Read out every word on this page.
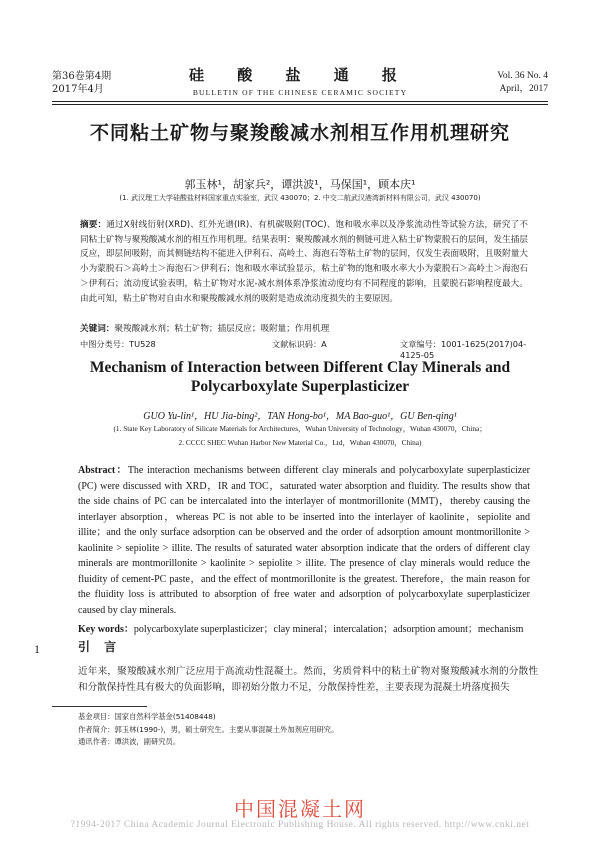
第36卷第4期
2017年4月
硅 酸 盐 通 报
BULLETIN OF THE CHINESE CERAMIC SOCIETY
Vol. 36 No. 4
April，2017
不同粘土矿物与聚羧酸减水剂相互作用机理研究
郭玉林¹，胡家兵²，谭洪波¹，马保国¹，顾本庆¹
(1. 武汉理工大学硅酸盐材料国家重点实验室，武汉 430070；2. 中交二航武汉港湾新材料有限公司，武汉 430070)
摘要：通过X射线衍射(XRD)、红外光谱(IR)、有机碳吸附(TOC)、饱和吸水率以及净浆流动性等试验方法，研究了不同粘土矿物与聚羧酸减水剂的相互作用机理。结果表明：聚羧酸减水剂的侧链可进入粘土矿物蒙脱石的层间，发生插层反应，即层间吸附，而其侧链结构不能进入伊利石、高岭土、海泡石等粘土矿物的层间，仅发生表面吸附，且吸附量大小为蒙脱石＞高岭土＞海泡石＞伊利石；饱和吸水率试验显示，粘土矿物的饱和吸水率大小为蒙脱石＞高岭土＞海泡石＞伊利石；流动度试验表明，粘土矿物对水泥-减水剂体系净浆流动度均有不同程度的影响，且蒙脱石影响程度最大。由此可知，粘土矿物对自由水和聚羧酸减水剂的吸附是造成流动度损失的主要原因。
关键词：聚羧酸减水剂；粘土矿物；插层反应；吸附量；作用机理
中图分类号：TU528	文献标识码：A	文章编号：1001-1625(2017)04-4125-05
Mechanism of Interaction between Different Clay Minerals and
Polycarboxylate Superplasticizer
GUO Yu-lin¹，HU Jia-bing²，TAN Hong-bo¹，MA Bao-guo¹，GU Ben-qing¹
(1. State Key Laboratory of Silicate Materials for Architectures，Wuhan University of Technology，Wuhan 430070，China；
2. CCCC SHEC Wuhan Harbor New Material Co.，Ltd，Wuhan 430070，China)
Abstract：The interaction mechanisms between different clay minerals and polycarboxylate superplasticizer (PC) were discussed with XRD，IR and TOC，saturated water absorption and fluidity. The results show that the side chains of PC can be intercalated into the interlayer of montmorillonite (MMT)，thereby causing the interlayer absorption，whereas PC is not able to be inserted into the interlayer of kaolinite，sepiolite and illite；and the only surface adsorption can be observed and the order of adsorption amount montmorillonite > kaolinite > sepiolite > illite. The results of saturated water absorption indicate that the orders of different clay minerals are montmorillonite > kaolinite > sepiolite > illite. The presence of clay minerals would reduce the fluidity of cement-PC paste，and the effect of montmorillonite is the greatest. Therefore，the main reason for the fluidity loss is attributed to absorption of free water and adsorption of polycarboxylate superplasticizer caused by clay minerals.
Key words：polycarboxylate superplasticizer；clay mineral；intercalation；adsorption amount；mechanism
1	引 言
近年来，聚羧酸减水剂广泛应用于高流动性混凝土。然而，劣质骨料中的粘土矿物对聚羧酸减水剂的分散性和分散保持性具有极大的负面影响，即初始分散力不足，分散保持性差，主要表现为混凝土坍落度损失
基金项目：国家自然科学基金(51408448)
作者简介：郭玉林(1990-)，男，硕士研究生。主要从事混凝土外加剂应用研究。
通讯作者：谭洪波，副研究员。
中国混凝土网
?1994-2017 China Academic Journal Electronic Publishing House. All rights reserved. http://www.cnki.net
